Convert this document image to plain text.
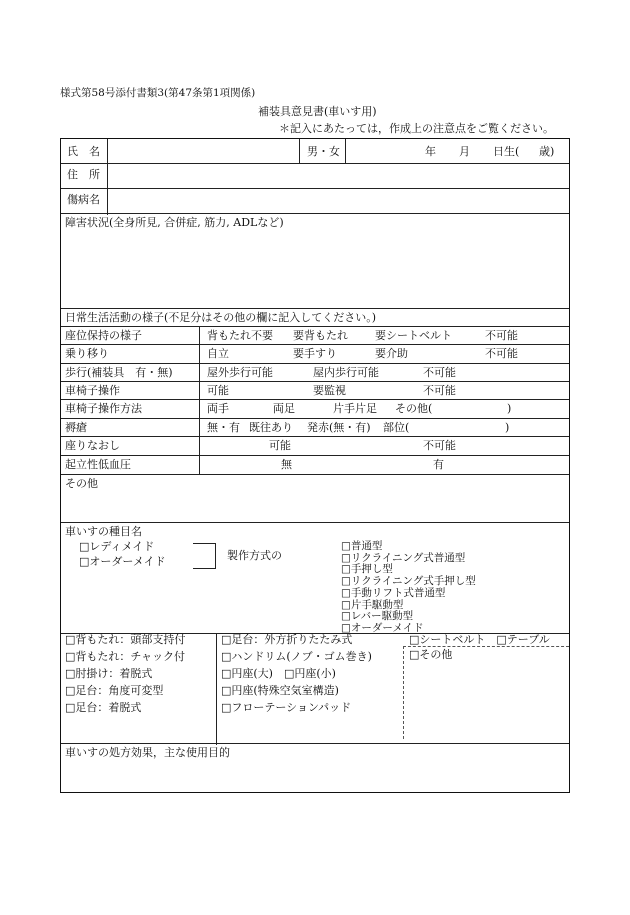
様式第58号添付書類3(第47条第1項関係)
補装具意見書(車いす用)
＊記入にあたっては，作成上の注意点をご覧ください。
氏　名	男・女	年 月 日生( 歳)
住　所
傷病名
障害状況(全身所見, 合併症, 筋力, ADLなど)
日常生活活動の様子(不足分はその他の欄に記入してください。)
座位保持の様子	背もたれ不要 要背もたれ 要シートベルト	不可能
乗り移り	自立	要手すり	要介助	不可能
歩行(補装具　有・無)	屋外歩行可能	屋内歩行可能	不可能
車椅子操作	可能	要監視	不可能
車椅子操作方法	両手	両足	片手片足 その他(	)
褥瘡	無・有 既往あり 発赤(無・有) 部位(	)
座りなおし	可能	不可能
起立性低血圧	無	有
その他
車いすの種目名
□レディメイド
□オーダーメイド	製作方式の
□普通型
□リクライニング式普通型
□手押し型
□リクライニング式手押し型
□手動リフト式普通型
□片手駆動型
□レバー駆動型
□オーダーメイド
□背もたれ：頭部支持付
□背もたれ：チャック付
□肘掛け：着脱式
□足台：角度可変型
□足台：着脱式
□足台：外方折りたたみ式
□ハンドリム(ノブ・ゴム巻き)
□円座(大)　□円座(小)
□円座(特殊空気室構造)
□フローテーションパッド
□シートベルト　□テーブル
□その他
車いすの処方効果，主な使用目的
